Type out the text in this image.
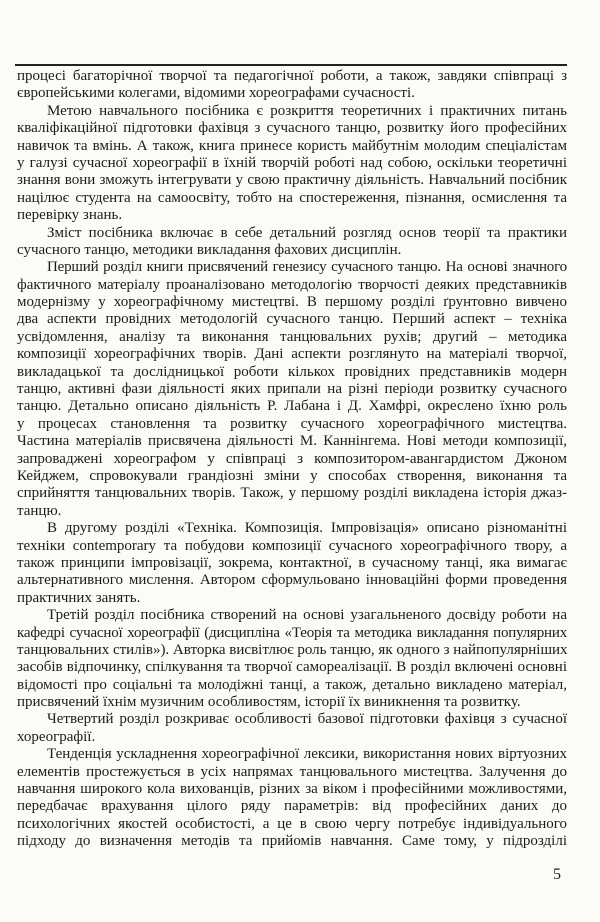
процесі багаторічної творчої та педагогічної роботи, а також, завдяки співпраці з
європейськими колегами, відомими хореографами сучасності.
Метою навчального посібника є розкриття теоретичних і практичних питань
кваліфікаційної підготовки фахівця з сучасного танцю, розвитку його професійних
навичок та вмінь. А також, книга принесе користь майбутнім молодим спеціалістам
у галузі сучасної хореографії в їхній творчій роботі над собою, оскільки теоретичні
знання вони зможуть інтегрувати у свою практичну діяльність. Навчальний посібник
націлює студента на самоосвіту, тобто на спостереження, пізнання, осмислення та
перевірку знань.
Зміст посібника включає в себе детальний розгляд основ теорії та практики
сучасного танцю, методики викладання фахових дисциплін.
Перший розділ книги присвячений генезису сучасного танцю. На основі значного
фактичного матеріалу проаналізовано методологію творчості деяких представників
модернізму у хореографічному мистецтві. В першому розділі ґрунтовно вивчено
два аспекти провідних методологій сучасного танцю. Перший аспект – техніка
усвідомлення, аналізу та виконання танцювальних рухів; другий – методика
композиції хореографічних творів. Дані аспекти розглянуто на матеріалі творчої,
викладацької та дослідницької роботи кількох провідних представників модерн
танцю, активні фази діяльності яких припали на різні періоди розвитку сучасного
танцю. Детально описано діяльність Р. Лабана і Д. Хамфрі, окреслено їхню роль
у процесах становлення та розвитку сучасного хореографічного мистецтва.
Частина матеріалів присвячена діяльності М. Каннінгема. Нові методи композиції,
запроваджені хореографом у співпраці з композитором-авангардистом Джоном
Кейджем, спровокували грандіозні зміни у способах створення, виконання та
сприйняття танцювальних творів. Також, у першому розділі викладена історія джаз-
танцю.
В другому розділі «Техніка. Композиція. Імпровізація» описано різноманітні
техніки contemporary та побудови композиції сучасного хореографічного твору, а
також принципи імпровізації, зокрема, контактної, в сучасному танці, яка вимагає
альтернативного мислення. Автором сформульовано інноваційні форми проведення
практичних занять.
Третій розділ посібника створений на основі узагальненого досвіду роботи на
кафедрі сучасної хореографії (дисципліна «Теорія та методика викладання популярних
танцювальних стилів»). Авторка висвітлює роль танцю, як одного з найпопулярніших
засобів відпочинку, спілкування та творчої самореалізації. В розділ включені основні
відомості про соціальні та молодіжні танці, а також, детально викладено матеріал,
присвячений їхнім музичним особливостям, історії їх виникнення та розвитку.
Четвертий розділ розкриває особливості базової підготовки фахівця з сучасної
хореографії.
Тенденція ускладнення хореографічної лексики, використання нових віртуозних
елементів простежується в усіх напрямах танцювального мистецтва. Залучення до
навчання широкого кола вихованців, різних за віком і професійними можливостями,
передбачає врахування цілого ряду параметрів: від професійних даних до
психологічних якостей особистості, а це в свою чергу потребує індивідуального
підходу до визначення методів та прийомів навчання. Саме тому, у підрозділі
5
